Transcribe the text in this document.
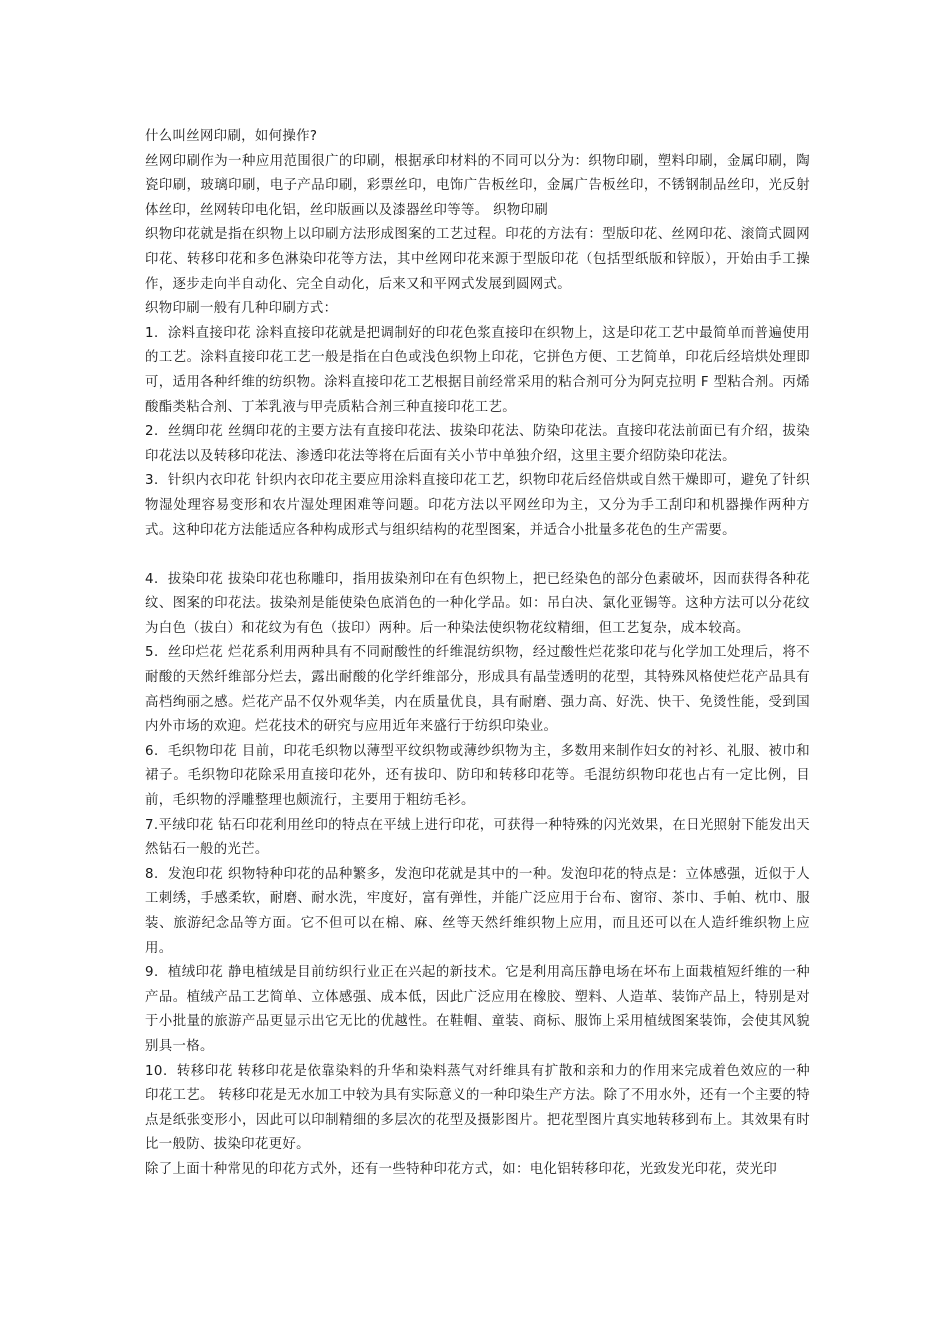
什么叫丝网印刷，如何操作?

丝网印刷作为一种应用范围很广的印刷，根据承印材料的不同可以分为：织物印刷，塑料印刷，金属印刷，陶瓷印刷，玻璃印刷，电子产品印刷，彩票丝印，电饰广告板丝印，金属广告板丝印，不锈钢制品丝印，光反射体丝印，丝网转印电化铝，丝印版画以及漆器丝印等等。 织物印刷

织物印花就是指在织物上以印刷方法形成图案的工艺过程。印花的方法有：型版印花、丝网印花、滚筒式圆网印花、转移印花和多色淋染印花等方法，其中丝网印花来源于型版印花（包括型纸版和锌版），开始由手工操作，逐步走向半自动化、完全自动化，后来又和平网式发展到圆网式。

织物印刷一般有几种印刷方式：

1．涂料直接印花 涂料直接印花就是把调制好的印花色浆直接印在织物上，这是印花工艺中最简单而普遍使用的工艺。涂料直接印花工艺一般是指在白色或浅色织物上印花，它拼色方便、工艺简单，印花后经培烘处理即可，适用各种纤维的纺织物。涂料直接印花工艺根据目前经常采用的粘合剂可分为阿克拉明 F 型粘合剂。丙烯酸酯类粘合剂、丁苯乳液与甲壳质粘合剂三种直接印花工艺。

2．丝绸印花 丝绸印花的主要方法有直接印花法、拔染印花法、防染印花法。直接印花法前面已有介绍，拔染印花法以及转移印花法、渗透印花法等将在后面有关小节中单独介绍，这里主要介绍防染印花法。

3．针织内衣印花 针织内衣印花主要应用涂料直接印花工艺，织物印花后经倍烘或自然干燥即可，避免了针织物湿处理容易变形和农片湿处理困难等问题。印花方法以平网丝印为主，又分为手工刮印和机器操作两种方式。这种印花方法能适应各种构成形式与组织结构的花型图案，并适合小批量多花色的生产需要。

4．拔染印花 拔染印花也称雕印，指用拔染剂印在有色织物上，把已经染色的部分色素破坏，因而获得各种花纹、图案的印花法。拔染剂是能使染色底消色的一种化学品。如：吊白决、氯化亚锡等。这种方法可以分花纹为白色（拔白）和花纹为有色（拔印）两种。后一种染法使织物花纹精细，但工艺复杂，成本较高。

5．丝印烂花 烂花系利用两种具有不同耐酸性的纤维混纺织物，经过酸性烂花浆印花与化学加工处理后，将不耐酸的天然纤维部分烂去，露出耐酸的化学纤维部分，形成具有晶莹透明的花型，其特殊风格使烂花产品具有高档绚丽之感。烂花产品不仅外观华美，内在质量优良，具有耐磨、强力高、好洗、快干、免烫性能，受到国内外市场的欢迎。烂花技术的研究与应用近年来盛行于纺织印染业。

6．毛织物印花 目前，印花毛织物以薄型平纹织物或薄纱织物为主，多数用来制作妇女的衬衫、礼服、被巾和裙子。毛织物印花除采用直接印花外，还有拔印、防印和转移印花等。毛混纺织物印花也占有一定比例，目前，毛织物的浮雕整理也颇流行，主要用于粗纺毛衫。

7.平绒印花 钻石印花利用丝印的特点在平绒上进行印花，可获得一种特殊的闪光效果，在日光照射下能发出天然钻石一般的光芒。

8．发泡印花 织物特种印花的品种繁多，发泡印花就是其中的一种。发泡印花的特点是：立体感强，近似于人工刺绣，手感柔软，耐磨、耐水洗，牢度好，富有弹性，并能广泛应用于台布、窗帘、茶巾、手帕、枕巾、服装、旅游纪念品等方面。它不但可以在棉、麻、丝等天然纤维织物上应用，而且还可以在人造纤维织物上应用。

9．植绒印花 静电植绒是目前纺织行业正在兴起的新技术。它是利用高压静电场在坏布上面栽植短纤维的一种产品。植绒产品工艺简单、立体感强、成本低，因此广泛应用在橡胶、塑料、人造革、装饰产品上，特别是对于小批量的旅游产品更显示出它无比的优越性。在鞋帽、童装、商标、服饰上采用植绒图案装饰，会使其风貌别具一格。

10．转移印花 转移印花是依靠染料的升华和染料蒸气对纤维具有扩散和亲和力的作用来完成着色效应的一种印花工艺。 转移印花是无水加工中较为具有实际意义的一种印染生产方法。除了不用水外，还有一个主要的特点是纸张变形小，因此可以印制精细的多层次的花型及摄影图片。把花型图片真实地转移到布上。其效果有时比一般防、拔染印花更好。

除了上面十种常见的印花方式外，还有一些特种印花方式，如：电化铝转移印花，光致发光印花，荧光印
